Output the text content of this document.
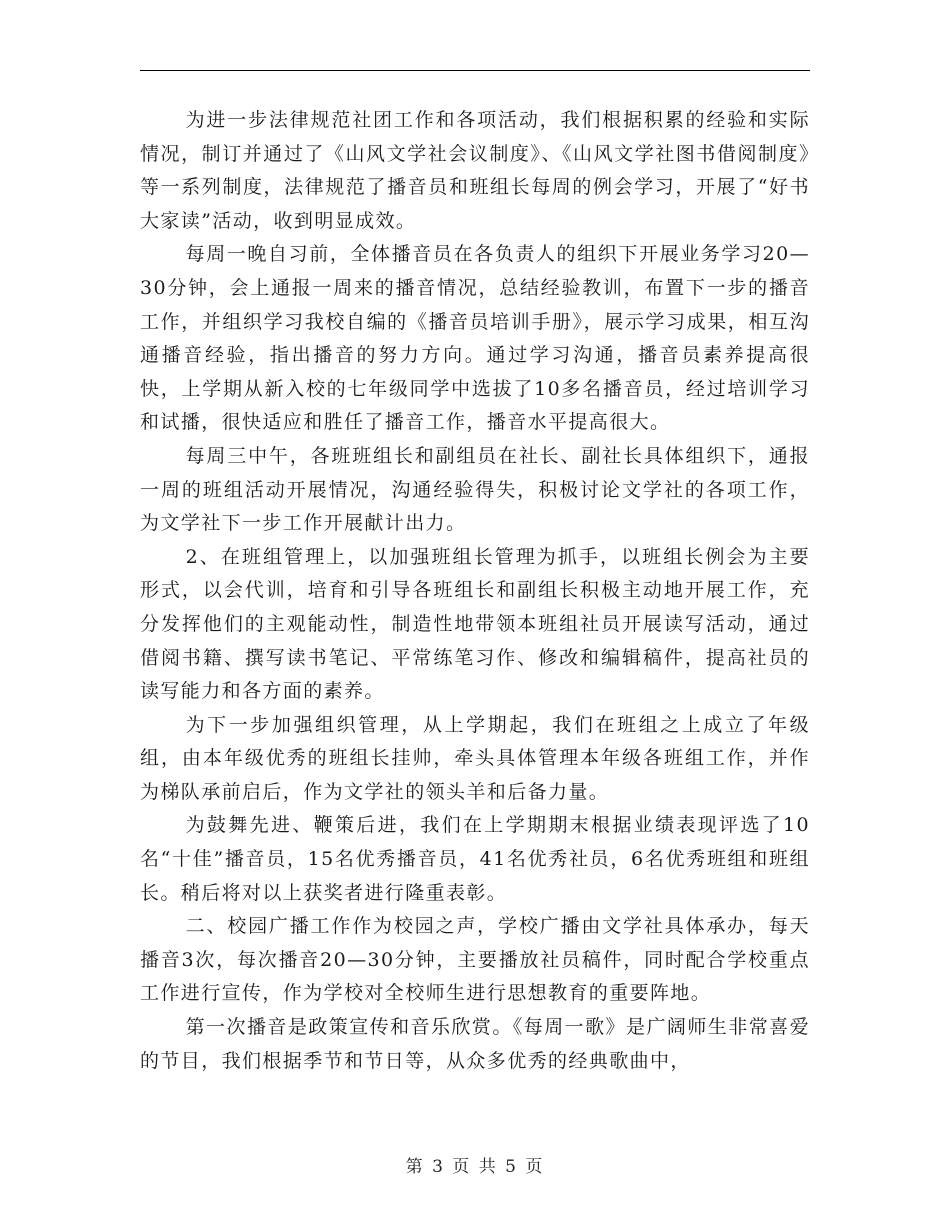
为进一步法律规范社团工作和各项活动，我们根据积累的经验和实际情况，制订并通过了《山风文学社会议制度》、《山风文学社图书借阅制度》等一系列制度，法律规范了播音员和班组长每周的例会学习，开展了“好书大家读”活动，收到明显成效。

每周一晚自习前，全体播音员在各负责人的组织下开展业务学习20—30分钟，会上通报一周来的播音情况，总结经验教训，布置下一步的播音工作，并组织学习我校自编的《播音员培训手册》，展示学习成果，相互沟通播音经验，指出播音的努力方向。通过学习沟通，播音员素养提高很快，上学期从新入校的七年级同学中选拔了10多名播音员，经过培训学习和试播，很快适应和胜任了播音工作，播音水平提高很大。

每周三中午，各班班组长和副组员在社长、副社长具体组织下，通报一周的班组活动开展情况，沟通经验得失，积极讨论文学社的各项工作，为文学社下一步工作开展献计出力。

2、在班组管理上，以加强班组长管理为抓手，以班组长例会为主要形式，以会代训，培育和引导各班组长和副组长积极主动地开展工作，充分发挥他们的主观能动性，制造性地带领本班组社员开展读写活动，通过借阅书籍、撰写读书笔记、平常练笔习作、修改和编辑稿件，提高社员的读写能力和各方面的素养。

为下一步加强组织管理，从上学期起，我们在班组之上成立了年级组，由本年级优秀的班组长挂帅，牵头具体管理本年级各班组工作，并作为梯队承前启后，作为文学社的领头羊和后备力量。

为鼓舞先进、鞭策后进，我们在上学期期末根据业绩表现评选了10名“十佳”播音员，15名优秀播音员，41名优秀社员，6名优秀班组和班组长。稍后将对以上获奖者进行隆重表彰。

二、校园广播工作作为校园之声，学校广播由文学社具体承办，每天播音3次，每次播音20—30分钟，主要播放社员稿件，同时配合学校重点工作进行宣传，作为学校对全校师生进行思想教育的重要阵地。

第一次播音是政策宣传和音乐欣赏。《每周一歌》是广阔师生非常喜爱的节目，我们根据季节和节日等，从众多优秀的经典歌曲中，

第 3 页 共 5 页
